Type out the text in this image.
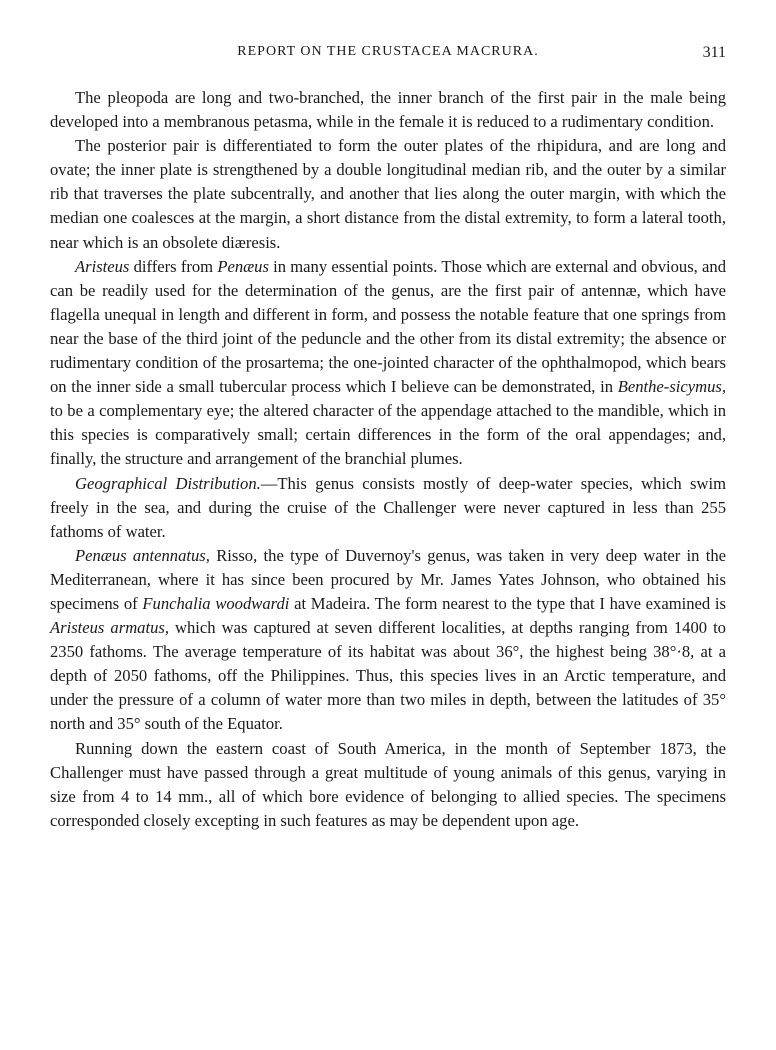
REPORT ON THE CRUSTACEA MACRURA.	311

The pleopoda are long and two-branched, the inner branch of the first pair in the male being developed into a membranous petasma, while in the female it is reduced to a rudimentary condition.

The posterior pair is differentiated to form the outer plates of the rhipidura, and are long and ovate; the inner plate is strengthened by a double longitudinal median rib, and the outer by a similar rib that traverses the plate subcentrally, and another that lies along the outer margin, with which the median one coalesces at the margin, a short distance from the distal extremity, to form a lateral tooth, near which is an obsolete diæresis.

Aristeus differs from Penæus in many essential points. Those which are external and obvious, and can be readily used for the determination of the genus, are the first pair of antennæ, which have flagella unequal in length and different in form, and possess the notable feature that one springs from near the base of the third joint of the peduncle and the other from its distal extremity; the absence or rudimentary condition of the prosartema; the one-jointed character of the ophthalmopod, which bears on the inner side a small tubercular process which I believe can be demonstrated, in Benthe-sicymus, to be a complementary eye; the altered character of the appendage attached to the mandible, which in this species is comparatively small; certain differences in the form of the oral appendages; and, finally, the structure and arrangement of the branchial plumes.

Geographical Distribution.—This genus consists mostly of deep-water species, which swim freely in the sea, and during the cruise of the Challenger were never captured in less than 255 fathoms of water.

Penæus antennatus, Risso, the type of Duvernoy's genus, was taken in very deep water in the Mediterranean, where it has since been procured by Mr. James Yates Johnson, who obtained his specimens of Funchalia woodwardi at Madeira. The form nearest to the type that I have examined is Aristeus armatus, which was captured at seven different localities, at depths ranging from 1400 to 2350 fathoms. The average temperature of its habitat was about 36°, the highest being 38°·8, at a depth of 2050 fathoms, off the Philippines. Thus, this species lives in an Arctic temperature, and under the pressure of a column of water more than two miles in depth, between the latitudes of 35° north and 35° south of the Equator.

Running down the eastern coast of South America, in the month of September 1873, the Challenger must have passed through a great multitude of young animals of this genus, varying in size from 4 to 14 mm., all of which bore evidence of belonging to allied species. The specimens corresponded closely excepting in such features as may be dependent upon age.
